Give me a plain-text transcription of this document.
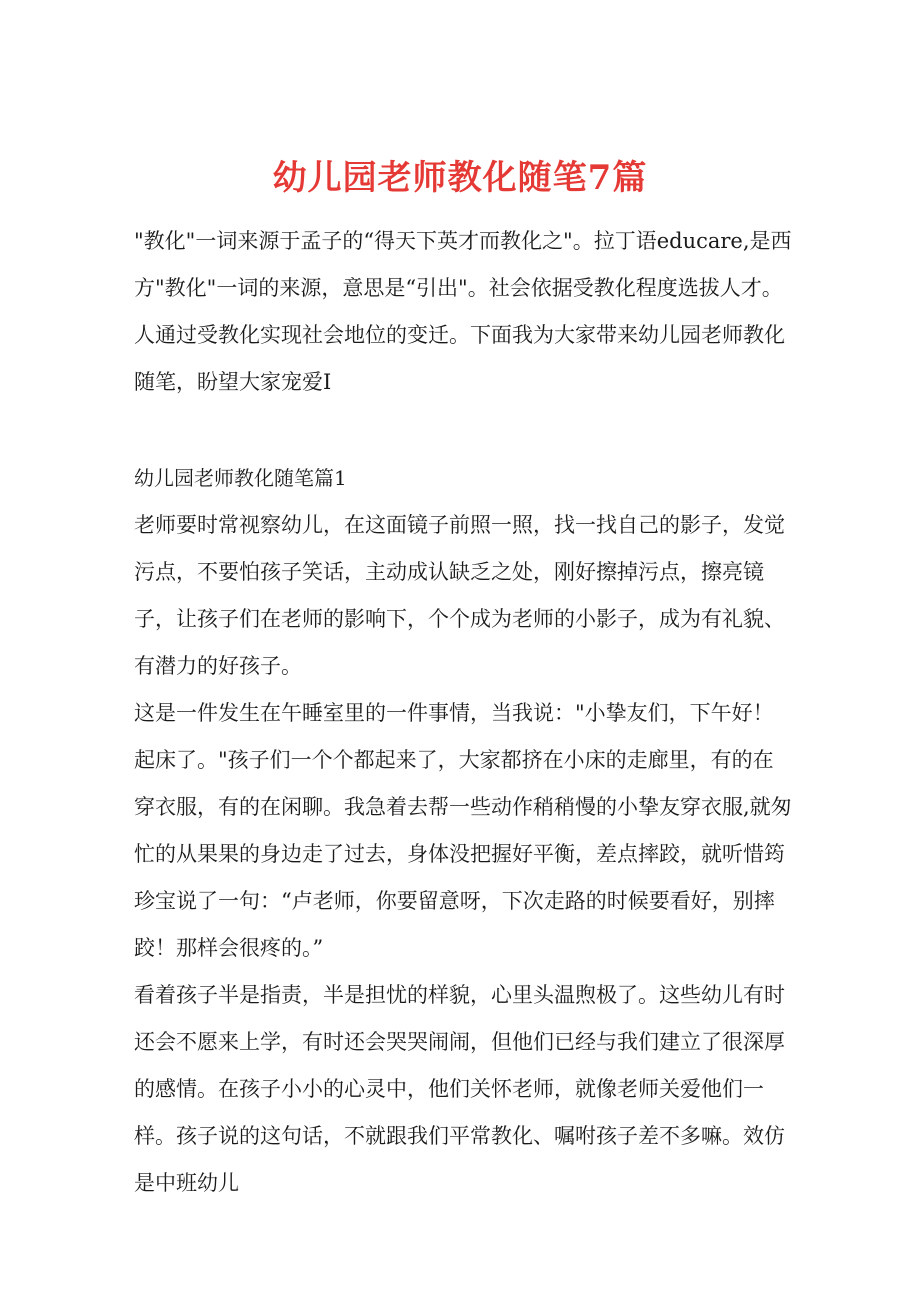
幼儿园老师教化随笔7篇

"教化"一词来源于孟子的“得天下英才而教化之"。拉丁语educare,是西方"教化"一词的来源，意思是“引出"。社会依据受教化程度选拔人才。人通过受教化实现社会地位的变迁。下面我为大家带来幼儿园老师教化随笔，盼望大家宠爱I

幼儿园老师教化随笔篇1

老师要时常视察幼儿，在这面镜子前照一照，找一找自己的影子，发觉污点，不要怕孩子笑话，主动成认缺乏之处，刚好擦掉污点，擦亮镜子，让孩子们在老师的影响下，个个成为老师的小影子，成为有礼貌、有潜力的好孩子。

这是一件发生在午睡室里的一件事情，当我说："小挚友们，下午好！起床了。"孩子们一个个都起来了，大家都挤在小床的走廊里，有的在穿衣服，有的在闲聊。我急着去帮一些动作稍稍慢的小挚友穿衣服,就匆忙的从果果的身边走了过去，身体没把握好平衡，差点摔跤，就听惜筠珍宝说了一句：“卢老师，你要留意呀，下次走路的时候要看好，别摔跤！那样会很疼的。”

看着孩子半是指责，半是担忧的样貌，心里头温煦极了。这些幼儿有时还会不愿来上学，有时还会哭哭闹闹，但他们已经与我们建立了很深厚的感情。在孩子小小的心灵中，他们关怀老师，就像老师关爱他们一样。孩子说的这句话，不就跟我们平常教化、嘱咐孩子差不多嘛。效仿是中班幼儿
